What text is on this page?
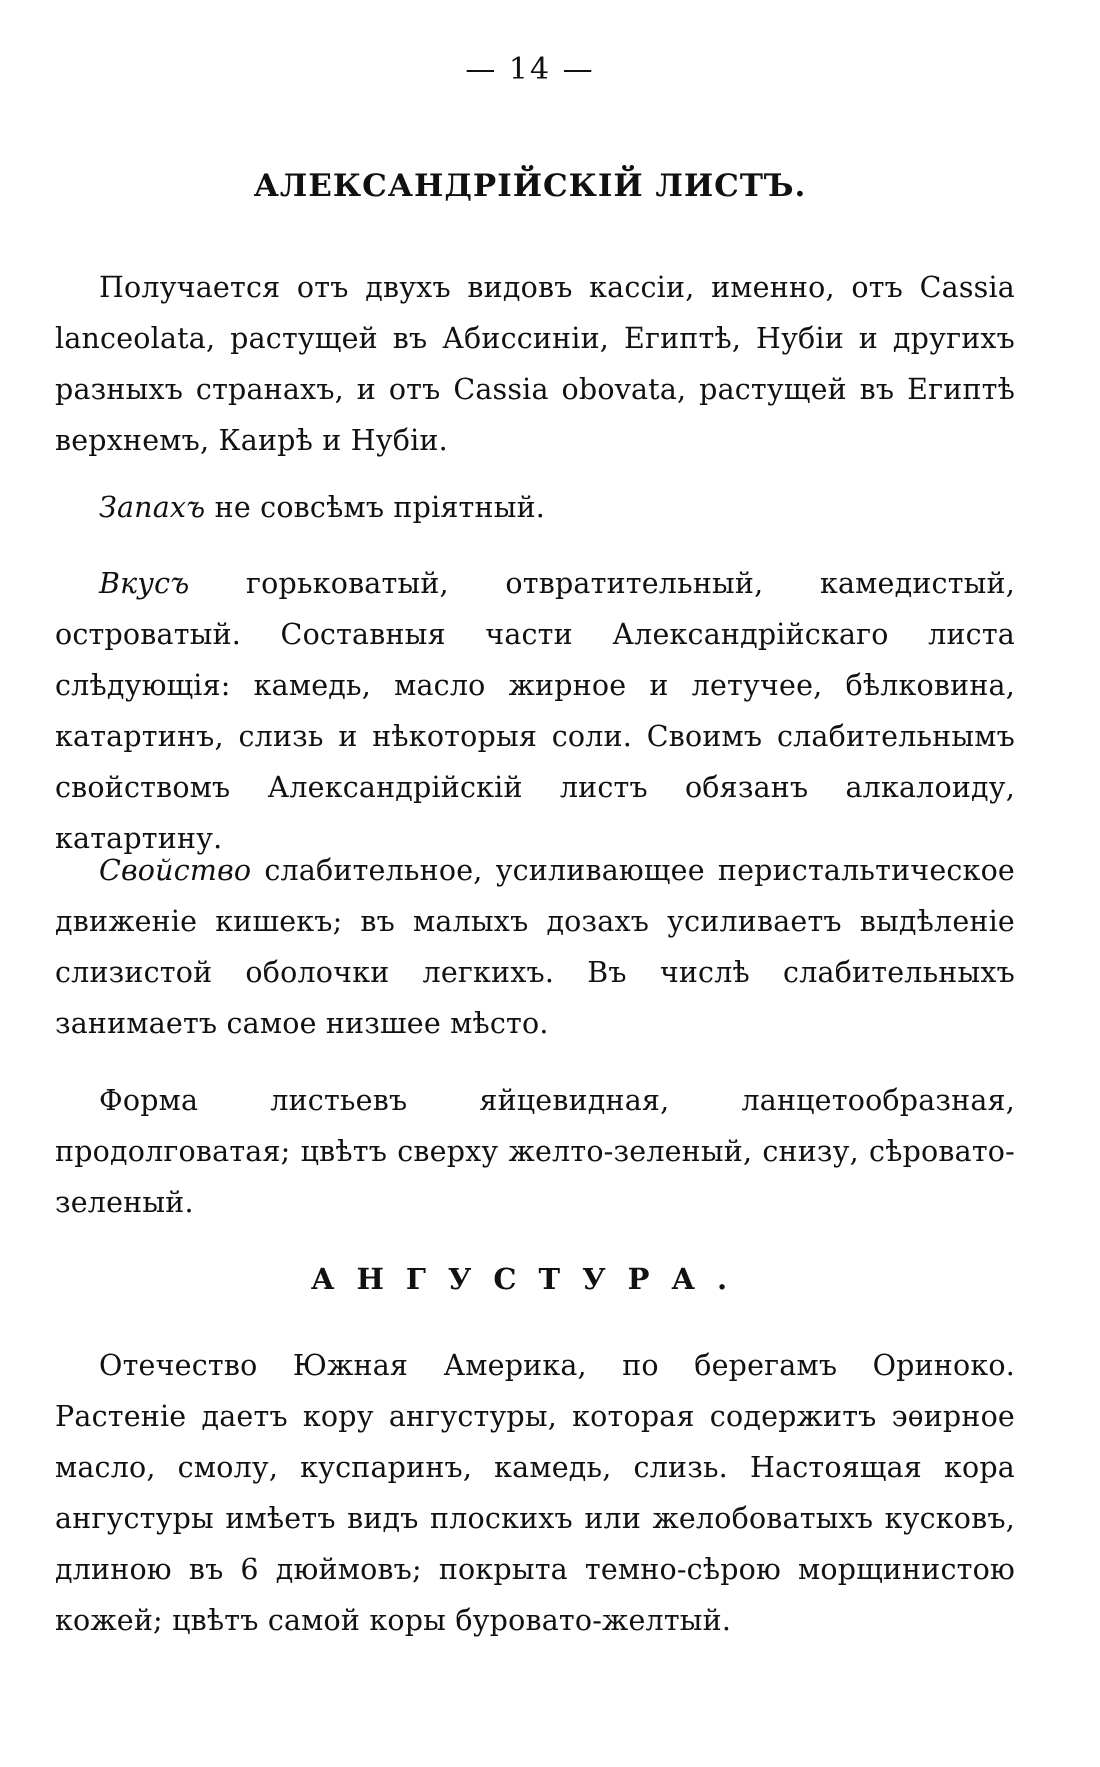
— 14 —
АЛЕКСАНДРІЙСКІЙ ЛИСТЪ.

Получается отъ двухъ видовъ кассіи, именно, отъ Cassia lanceolata, растущей въ Абиссиніи, Египтѣ, Нубіи и другихъ разныхъ странахъ, и отъ Cassia obovata, растущей въ Египтѣ верхнемъ, Каирѣ и Нубіи.

Запахъ не совсѣмъ пріятный.

Вкусъ горьковатый, отвратительный, камедистый, островатый. Составныя части Александрійскаго листа слѣдующія: камедь, масло жирное и летучее, бѣлковина, катартинъ, слизь и нѣкоторыя соли. Своимъ слабительнымъ свойствомъ Александрійскій листъ обязанъ алкалоиду, катартину.

Свойство слабительное, усиливающее перистальтическое движеніе кишекъ; въ малыхъ дозахъ усиливаетъ выдѣленіе слизистой оболочки легкихъ. Въ числѣ слабительныхъ занимаетъ самое низшее мѣсто.

Форма листьевъ яйцевидная, ланцетообразная, продолговатая; цвѣтъ сверху желто-зеленый, снизу, сѣровато-зеленый.

АНГУСТУРА.

Отечество Южная Америка, по берегамъ Ориноко. Растеніе даетъ кору ангустуры, которая содержитъ эѳирное масло, смолу, куспаринъ, камедь, слизь. Настоящая кора ангустуры имѣетъ видъ плоскихъ или желобоватыхъ кусковъ, длиною въ 6 дюймовъ; покрыта темно-сѣрою морщинистою кожей; цвѣтъ самой коры буровато-желтый.
